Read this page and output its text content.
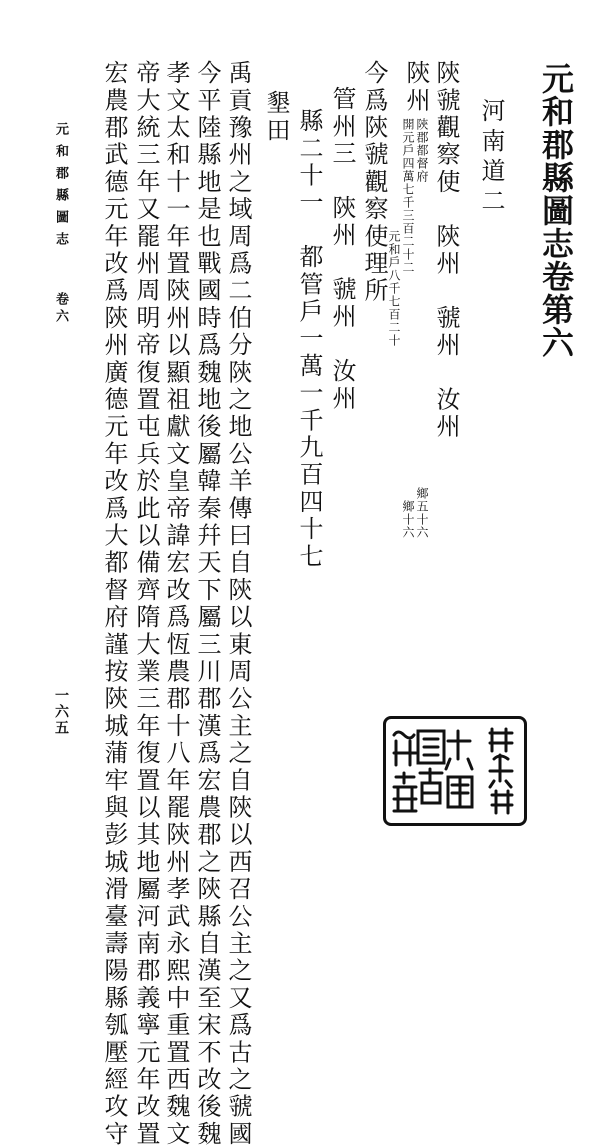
元和郡縣圖志卷第六
河南道二
陝虢觀察使　陝州　虢州　汝州
陝州
陝郡都督府
開元戶四萬七千三百二十二
元和戶八千七百二十
鄉五十六
鄉十六
今爲陝虢觀察使理所
管州三　陝州　虢州　汝州
縣二十一　都管戶一萬一千九百四十七
墾田
禹貢豫州之域周爲二伯分陝之地公羊傳曰自陝以東周公主之自陝以西召公主之又爲古之虢國
今平陸縣地是也戰國時爲魏地後屬韓秦幷天下屬三川郡漢爲宏農郡之陝縣自漢至宋不改後魏
孝文太和十一年置陝州以顯祖獻文皇帝諱宏改爲恆農郡十八年罷陝州孝武永熙中重置西魏文
帝大統三年又罷州周明帝復置屯兵於此以備齊隋大業三年復置以其地屬河南郡義寧元年改置
宏農郡武德元年改爲陝州廣德元年改爲大都督府謹按陝城蒲牢與彭城滑臺壽陽縣瓠壓經攻守
元和郡縣圖志
卷六
一六五
